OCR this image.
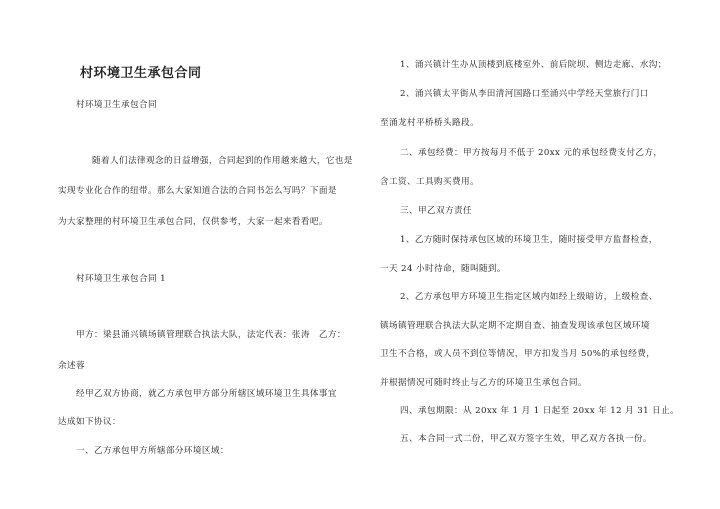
村环境卫生承包合同
村环境卫生承包合同
随着人们法律观念的日益增强，合同起到的作用越来越大，它也是
实现专业化合作的纽带。那么大家知道合法的合同书怎么写吗？下面是
为大家整理的村环境卫生承包合同，仅供参考，大家一起来看看吧。
村环境卫生承包合同 1
甲方：梁县涌兴镇场镇管理联合执法大队，法定代表：张涛　乙方：
余述蓉
经甲乙双方协商，就乙方承包甲方部分所辖区域环境卫生具体事宜
达成如下协议：
一、乙方承包甲方所辖部分环境区域：
1、涌兴镇计生办从顶楼到底楼室外、前后院坝、侧边走廊、水沟；
2、涌兴镇太平街从李田清河国路口至涌兴中学经天堂旅行门口
至涌龙村平桥桥头路段。
二、承包经费：甲方按每月不低于 20xx 元的承包经费支付乙方，
含工资、工具购买费用。
三、甲乙双方责任
1、乙方随时保持承包区域的环境卫生，随时接受甲方监督检查，
一天 24 小时待命，随叫随到。
2、乙方承包甲方环境卫生指定区域内如经上级暗访，上级检查、
镇场镇管理联合执法大队定期不定期自查、抽查发现该承包区域环境
卫生不合格，或人员不到位等情况，甲方扣发当月 50%的承包经费，
并根据情况可随时终止与乙方的环境卫生承包合同。
四、承包期限：从 20xx 年 1 月 1 日起至 20xx 年 12 月 31 日止。
五、本合同一式二份，甲乙双方签字生效，甲乙双方各执一份。
